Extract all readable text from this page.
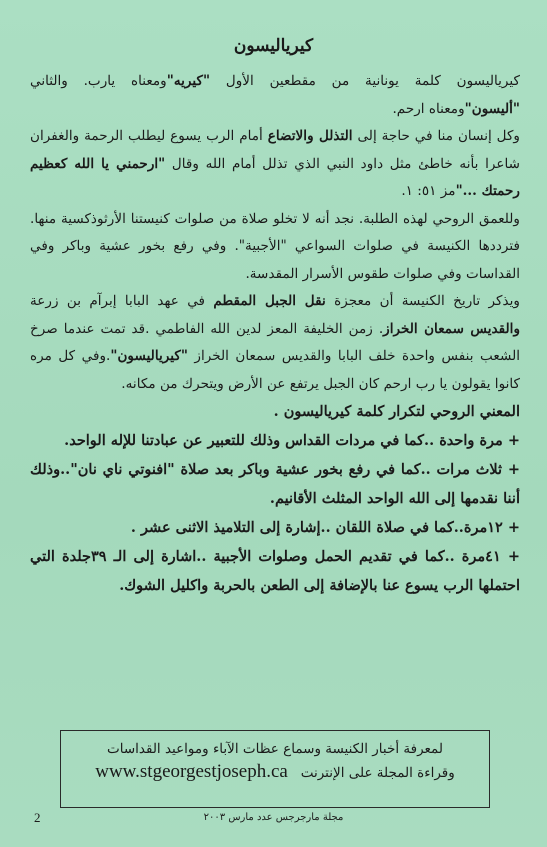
كيرياليسون

كيرياليسون كلمة يونانية من مقطعين الأول "كيريه"ومعناه يارب. والثاني "أليسون"ومعناه ارحم.

وكل إنسان منا في حاجة إلى التذلل والاتضاع أمام الرب يسوع ليطلب الرحمة والغفران شاعرا بأنه خاطئ مثل داود النبي الذي تذلل أمام الله وقال "ارحمني يا الله كعظيم رحمتك ..."مز ٥١: ١.

وللعمق الروحي لهذه الطلبة. نجد أنه لا تخلو صلاة من صلوات كنيستنا الأرثوذكسية منها. فترددها الكنيسة في صلوات السواعي "الأجبية". وفي رفع بخور عشية وباكر وفي القداسات وفي صلوات طقوس الأسرار المقدسة.

ويذكر تاريخ الكنيسة أن معجزة نقل الجبل المقطم في عهد البابا إبرآم بن زرعة والقديس سمعان الخراز. زمن الخليفة المعز لدين الله الفاطمي .قد تمت عندما صرخ الشعب بنفس واحدة خلف البابا والقديس سمعان الخراز "كيرياليسون".وفي كل مره كانوا يقولون يا رب ارحم كان الجبل يرتفع عن الأرض ويتحرك من مكانه.

المعني الروحي لتكرار كلمة كيرياليسون .

+ مرة واحدة ..كما في مردات القداس وذلك للتعبير عن عبادتنا للإله الواحد.

+ ثلاث مرات ..كما في رفع بخور عشية وباكر بعد صلاة "افنوتي ناي نان"..وذلك أننا نقدمها إلى الله الواحد المثلث الأقانيم.

+ ١٢مرة..كما في صلاة اللقان ..إشارة إلى التلاميذ الاثنى عشر .

+ ٤١مرة ..كما في تقديم الحمل وصلوات الأجبية ..اشارة إلى الـ ٣٩جلدة التي احتملها الرب يسوع عنا بالإضافة إلى الطعن بالحربة واكليل الشوك.

لمعرفة أخبار الكنيسة وسماع عظات الآباء ومواعيد القداسات
وقراءة المجلة على الإنترنت   www.stgeorgestjoseph.ca
مجلة مارجرجس عدد مارس ٢٠٠٣
2
